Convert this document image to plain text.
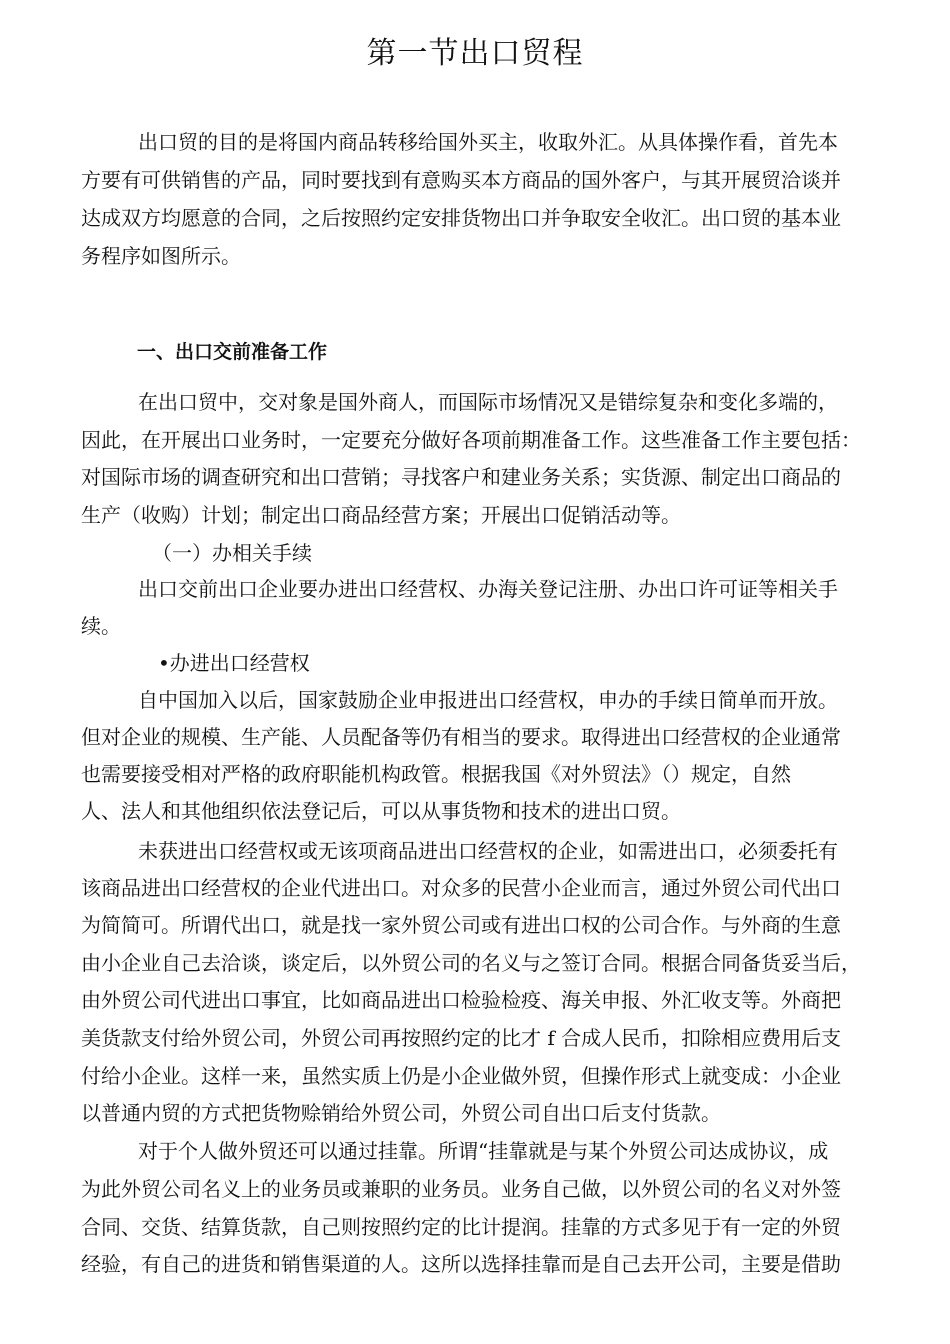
第一节出口贸程
出口贸的目的是将国内商品转移给国外买主，收取外汇。从具体操作看，首先本
方要有可供销售的产品，同时要找到有意购买本方商品的国外客户，与其开展贸洽谈并
达成双方均愿意的合同，之后按照约定安排货物出口并争取安全收汇。出口贸的基本业
务程序如图所示。
一、出口交前准备工作
在出口贸中，交对象是国外商人，而国际市场情况又是错综复杂和变化多端的，
因此，在开展出口业务时，一定要充分做好各项前期准备工作。这些准备工作主要包括：
对国际市场的调查研究和出口营销；寻找客户和建业务关系；实货源、制定出口商品的
生产（收购）计划；制定出口商品经营方案；开展出口促销活动等。
（一）办相关手续
出口交前出口企业要办进出口经营权、办海关登记注册、办出口许可证等相关手
续。
•办进出口经营权
自中国加入以后，国家鼓励企业申报进出口经营权，申办的手续日简单而开放。
但对企业的规模、生产能、人员配备等仍有相当的要求。取得进出口经营权的企业通常
也需要接受相对严格的政府职能机构政管。根据我国《对外贸法》（）规定，自然
人、法人和其他组织依法登记后，可以从事货物和技术的进出口贸。
未获进出口经营权或无该项商品进出口经营权的企业，如需进出口，必须委托有
该商品进出口经营权的企业代进出口。对众多的民营小企业而言，通过外贸公司代出口
为简简可。所谓代出口，就是找一家外贸公司或有进出口权的公司合作。与外商的生意
由小企业自己去洽谈，谈定后，以外贸公司的名义与之签订合同。根据合同备货妥当后，
由外贸公司代进出口事宜，比如商品进出口检验检疫、海关申报、外汇收支等。外商把
美货款支付给外贸公司，外贸公司再按照约定的比才 f 合成人民币，扣除相应费用后支
付给小企业。这样一来，虽然实质上仍是小企业做外贸，但操作形式上就变成：小企业
以普通内贸的方式把货物赊销给外贸公司，外贸公司自出口后支付货款。
对于个人做外贸还可以通过挂靠。所谓“挂靠就是与某个外贸公司达成协议，成
为此外贸公司名义上的业务员或兼职的业务员。业务自己做，以外贸公司的名义对外签
合同、交货、结算货款，自己则按照约定的比计提润。挂靠的方式多见于有一定的外贸
经验，有自己的进货和销售渠道的人。这所以选择挂靠而是自己去开公司，主要是借助
